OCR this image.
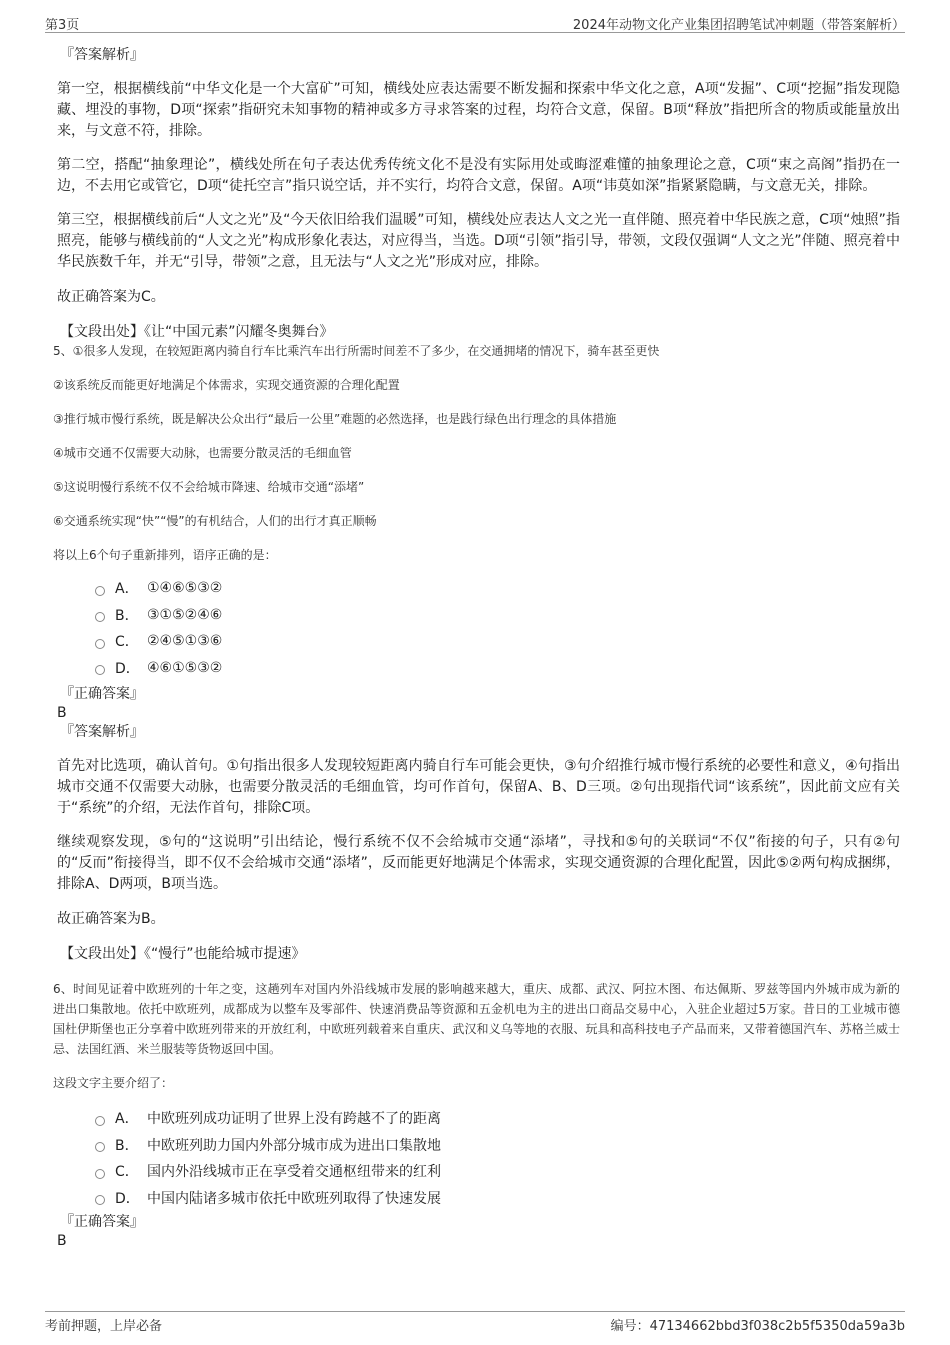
第3页	2024年动物文化产业集团招聘笔试冲刺题（带答案解析）
『答案解析』

第一空，根据横线前“中华文化是一个大富矿”可知，横线处应表达需要不断发掘和探索中华文化之意，A项“发掘”、C项“挖掘”指发现隐藏、埋没的事物，D项“探索”指研究未知事物的精神或多方寻求答案的过程，均符合文意，保留。B项“释放”指把所含的物质或能量放出来，与文意不符，排除。

第二空，搭配“抽象理论”，横线处所在句子表达优秀传统文化不是没有实际用处或晦涩难懂的抽象理论之意，C项“束之高阁”指扔在一边，不去用它或管它，D项“徒托空言”指只说空话，并不实行，均符合文意，保留。A项“讳莫如深”指紧紧隐瞒，与文意无关，排除。

第三空，根据横线前后“人文之光”及“今天依旧给我们温暖”可知，横线处应表达人文之光一直伴随、照亮着中华民族之意，C项“烛照”指照亮，能够与横线前的“人文之光”构成形象化表达，对应得当，当选。D项“引领”指引导，带领，文段仅强调“人文之光”伴随、照亮着中华民族数千年，并无“引导，带领”之意，且无法与“人文之光”形成对应，排除。

故正确答案为C。

【文段出处】《让“中国元素”闪耀冬奥舞台》

5、①很多人发现，在较短距离内骑自行车比乘汽车出行所需时间差不了多少，在交通拥堵的情况下，骑车甚至更快

②该系统反而能更好地满足个体需求，实现交通资源的合理化配置

③推行城市慢行系统，既是解决公众出行“最后一公里”难题的必然选择，也是践行绿色出行理念的具体措施

④城市交通不仅需要大动脉，也需要分散灵活的毛细血管

⑤这说明慢行系统不仅不会给城市降速、给城市交通“添堵”

⑥交通系统实现“快”“慢”的有机结合，人们的出行才真正顺畅

将以上6个句子重新排列，语序正确的是：

A． ①④⑥⑤③②
B． ③①⑤②④⑥
C． ②④⑤①③⑥
D． ④⑥①⑤③②
『正确答案』
B
『答案解析』

首先对比选项，确认首句。①句指出很多人发现较短距离内骑自行车可能会更快，③句介绍推行城市慢行系统的必要性和意义，④句指出城市交通不仅需要大动脉，也需要分散灵活的毛细血管，均可作首句，保留A、B、D三项。②句出现指代词“该系统”，因此前文应有关于“系统”的介绍，无法作首句，排除C项。

继续观察发现，⑤句的“这说明”引出结论，慢行系统不仅不会给城市交通“添堵”，寻找和⑤句的关联词“不仅”衔接的句子，只有②句的“反而”衔接得当，即不仅不会给城市交通“添堵”，反而能更好地满足个体需求，实现交通资源的合理化配置，因此⑤②两句构成捆绑，排除A、D两项，B项当选。

故正确答案为B。

【文段出处】《“慢行”也能给城市提速》

6、时间见证着中欧班列的十年之变，这趟列车对国内外沿线城市发展的影响越来越大，重庆、成都、武汉、阿拉木图、布达佩斯、罗兹等国内外城市成为新的进出口集散地。依托中欧班列，成都成为以整车及零部件、快速消费品等资源和五金机电为主的进出口商品交易中心，入驻企业超过5万家。昔日的工业城市德国杜伊斯堡也正分享着中欧班列带来的开放红利，中欧班列载着来自重庆、武汉和义乌等地的衣服、玩具和高科技电子产品而来，又带着德国汽车、苏格兰威士忌、法国红酒、米兰服装等货物返回中国。

这段文字主要介绍了：

A． 中欧班列成功证明了世界上没有跨越不了的距离
B． 中欧班列助力国内外部分城市成为进出口集散地
C． 国内外沿线城市正在享受着交通枢纽带来的红利
D． 中国内陆诸多城市依托中欧班列取得了快速发展
『正确答案』
B
考前押题，上岸必备	编号：47134662bbd3f038c2b5f5350da59a3b
